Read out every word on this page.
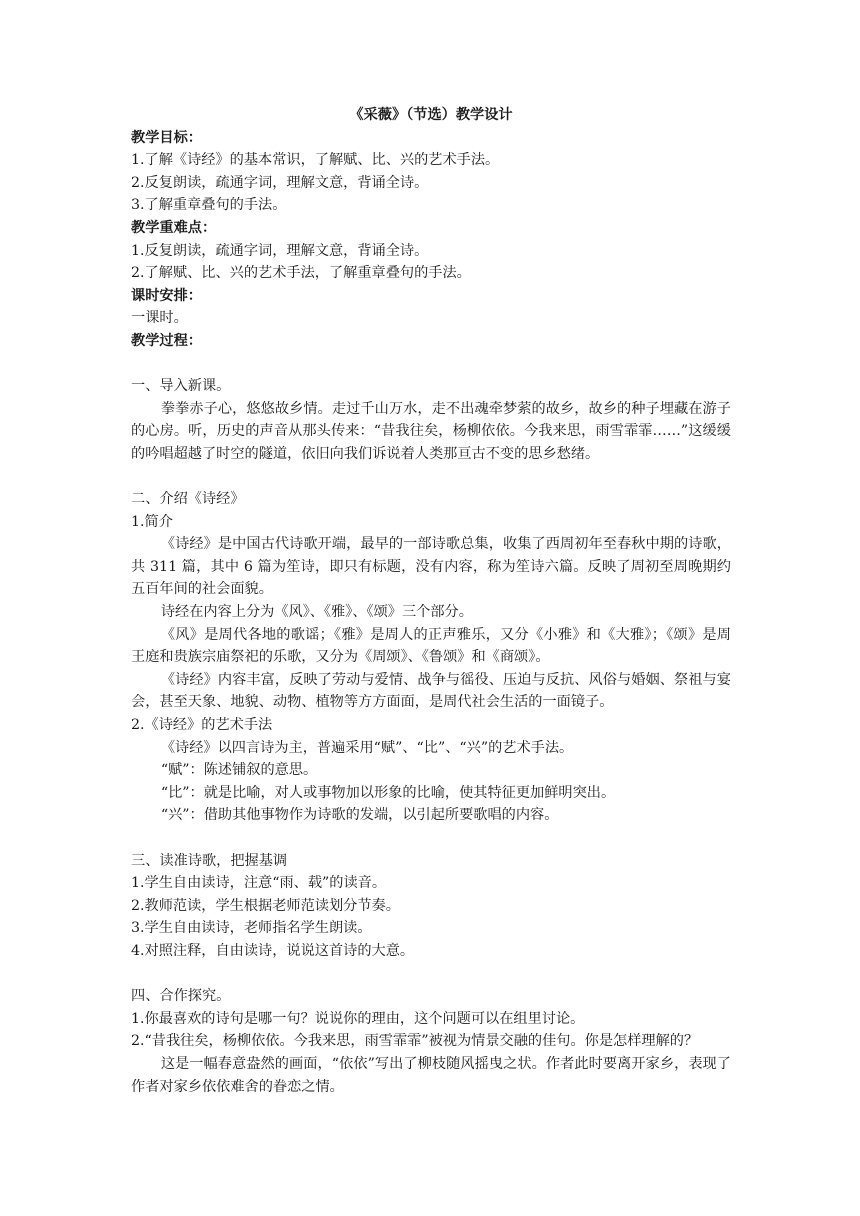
《采薇》（节选）教学设计

教学目标：

1.了解《诗经》的基本常识，了解赋、比、兴的艺术手法。

2.反复朗读，疏通字词，理解文意，背诵全诗。

3.了解重章叠句的手法。

教学重难点：

1.反复朗读，疏通字词，理解文意，背诵全诗。

2.了解赋、比、兴的艺术手法，了解重章叠句的手法。

课时安排：

一课时。

教学过程：

一、导入新课。

拳拳赤子心，悠悠故乡情。走过千山万水，走不出魂牵梦萦的故乡，故乡的种子埋藏在游子的心房。听，历史的声音从那头传来：“昔我往矣，杨柳依依。今我来思，雨雪霏霏……”这缓缓的吟唱超越了时空的隧道，依旧向我们诉说着人类那亘古不变的思乡愁绪。

二、介绍《诗经》

1.简介

《诗经》是中国古代诗歌开端，最早的一部诗歌总集，收集了西周初年至春秋中期的诗歌，共 311 篇，其中 6 篇为笙诗，即只有标题，没有内容，称为笙诗六篇。反映了周初至周晚期约五百年间的社会面貌。

诗经在内容上分为《风》、《雅》、《颂》三个部分。

《风》是周代各地的歌谣；《雅》是周人的正声雅乐，又分《小雅》和《大雅》；《颂》是周王庭和贵族宗庙祭祀的乐歌，又分为《周颂》、《鲁颂》和《商颂》。

《诗经》内容丰富，反映了劳动与爱情、战争与徭役、压迫与反抗、风俗与婚姻、祭祖与宴会，甚至天象、地貌、动物、植物等方方面面，是周代社会生活的一面镜子。

2.《诗经》的艺术手法

《诗经》以四言诗为主，普遍采用“赋”、“比”、“兴”的艺术手法。

“赋”：陈述铺叙的意思。

“比”：就是比喻，对人或事物加以形象的比喻，使其特征更加鲜明突出。

“兴”：借助其他事物作为诗歌的发端，以引起所要歌唱的内容。

三、读准诗歌，把握基调

1.学生自由读诗，注意“雨、载”的读音。

2.教师范读，学生根据老师范读划分节奏。

3.学生自由读诗，老师指名学生朗读。

4.对照注释，自由读诗，说说这首诗的大意。

四、合作探究。

1.你最喜欢的诗句是哪一句？说说你的理由，这个问题可以在组里讨论。

2.“昔我往矣，杨柳依依。今我来思，雨雪霏霏”被视为情景交融的佳句。你是怎样理解的？

这是一幅春意盎然的画面，“依依”写出了柳枝随风摇曳之状。作者此时要离开家乡，表现了作者对家乡依依难舍的眷恋之情。
